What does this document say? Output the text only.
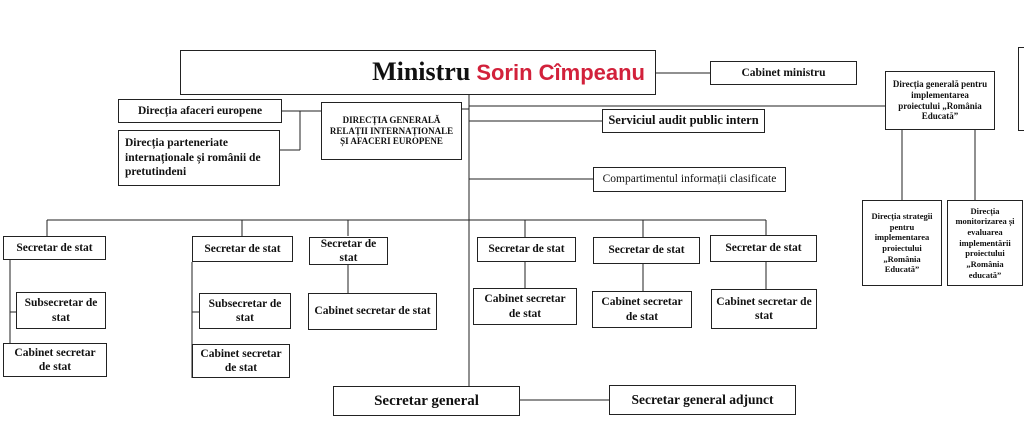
Ministru Sorin Cîmpeanu	Cabinet ministru
Direcția generală pentru implementarea proiectului „România Educată”
Direcția strategii pentru implementarea proiectului „România Educată”
Direcția monitorizarea și evaluarea implementării proiectului „România educată”
Direcția afaceri europene
DIRECȚIA GENERALĂ RELAȚII INTERNAȚIONALE ȘI AFACERI EUROPENE
Direcția parteneriate internaționale și românii de pretutindeni
Serviciul audit public intern
Compartimentul informații clasificate
Secretar de stat
Subsecretar de stat
Cabinet secretar de stat
Secretar de stat
Subsecretar de stat
Cabinet secretar de stat
Secretar de stat
Cabinet secretar de stat
Secretar de stat
Cabinet secretar de stat
Secretar de stat
Cabinet secretar de stat
Secretar de stat
Cabinet secretar de stat
Secretar general	Secretar general adjunct
